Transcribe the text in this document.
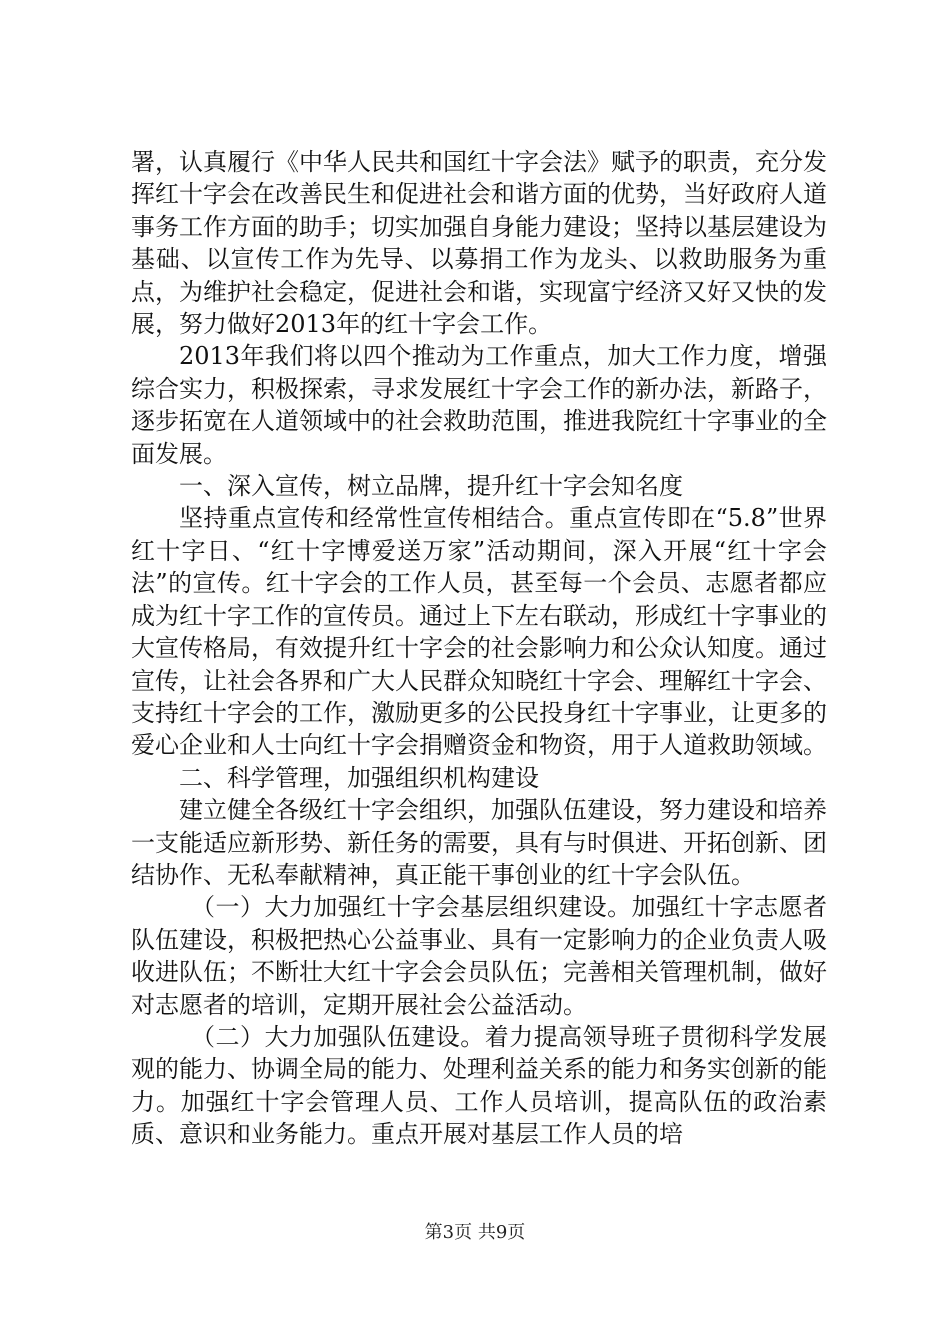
署，认真履行《中华人民共和国红十字会法》赋予的职责，充分发挥红十字会在改善民生和促进社会和谐方面的优势，当好政府人道事务工作方面的助手；切实加强自身能力建设；坚持以基层建设为基础、以宣传工作为先导、以募捐工作为龙头、以救助服务为重点，为维护社会稳定，促进社会和谐，实现富宁经济又好又快的发展，努力做好2013年的红十字会工作。

2013年我们将以四个推动为工作重点，加大工作力度，增强综合实力，积极探索，寻求发展红十字会工作的新办法，新路子，逐步拓宽在人道领域中的社会救助范围，推进我院红十字事业的全面发展。

一、深入宣传，树立品牌，提升红十字会知名度

坚持重点宣传和经常性宣传相结合。重点宣传即在“5.8”世界红十字日、“红十字博爱送万家”活动期间，深入开展“红十字会法”的宣传。红十字会的工作人员，甚至每一个会员、志愿者都应成为红十字工作的宣传员。通过上下左右联动，形成红十字事业的大宣传格局，有效提升红十字会的社会影响力和公众认知度。通过宣传，让社会各界和广大人民群众知晓红十字会、理解红十字会、支持红十字会的工作，激励更多的公民投身红十字事业，让更多的爱心企业和人士向红十字会捐赠资金和物资，用于人道救助领域。

二、科学管理，加强组织机构建设

建立健全各级红十字会组织，加强队伍建设，努力建设和培养一支能适应新形势、新任务的需要，具有与时俱进、开拓创新、团结协作、无私奉献精神，真正能干事创业的红十字会队伍。

（一）大力加强红十字会基层组织建设。加强红十字志愿者队伍建设，积极把热心公益事业、具有一定影响力的企业负责人吸收进队伍；不断壮大红十字会会员队伍；完善相关管理机制，做好对志愿者的培训，定期开展社会公益活动。

（二）大力加强队伍建设。着力提高领导班子贯彻科学发展观的能力、协调全局的能力、处理利益关系的能力和务实创新的能力。加强红十字会管理人员、工作人员培训，提高队伍的政治素质、意识和业务能力。重点开展对基层工作人员的培

第3页 共9页
